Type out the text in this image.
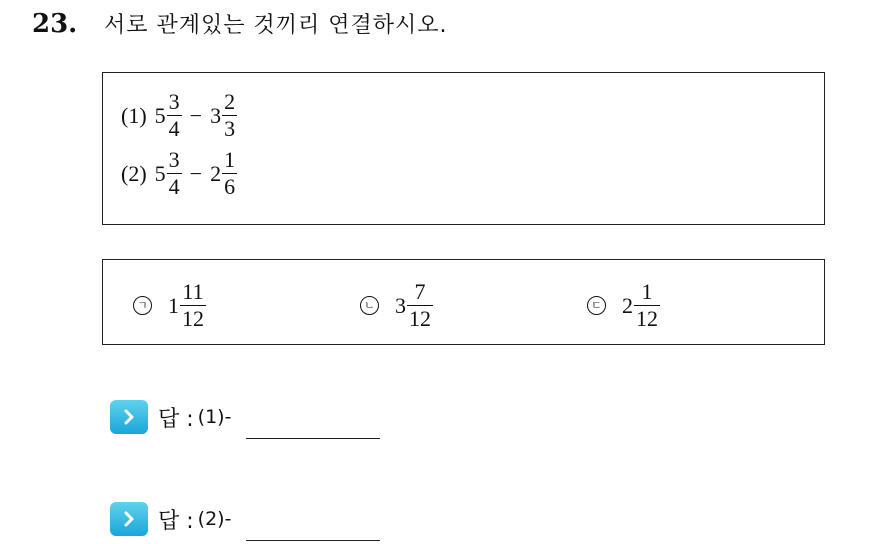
23.	서로 관계있는 것끼리 연결하시오.
(1) $5 \frac{3}{4} - 3 \frac{2}{3}$
(2) $5 \frac{3}{4} - 2 \frac{1}{6}$
ㄱ $1 \frac{11}{12}$	ㄴ $3 \frac{7}{12}$	ㄷ $2 \frac{1}{12}$
답 : (1)-
답 : (2)-
